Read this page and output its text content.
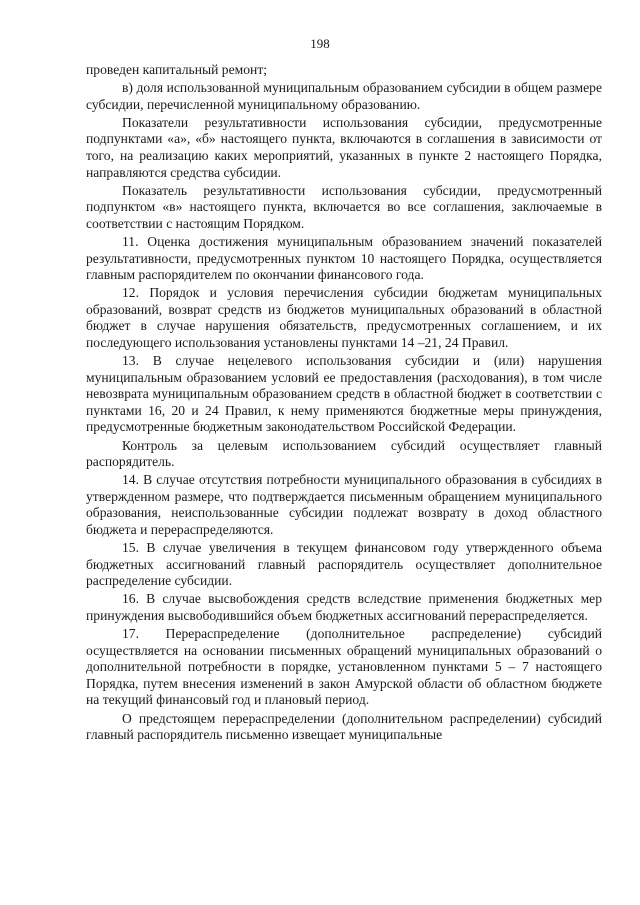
198

проведен капитальный ремонт;

в) доля использованной муниципальным образованием субсидии в общем размере субсидии, перечисленной муниципальному образованию.

Показатели результативности использования субсидии, предусмотренные подпунктами «а», «б» настоящего пункта, включаются в соглашения в зависимости от того, на реализацию каких мероприятий, указанных в пункте 2 настоящего Порядка, направляются средства субсидии.

Показатель результативности использования субсидии, предусмотренный подпунктом «в» настоящего пункта, включается во все соглашения, заключаемые в соответствии с настоящим Порядком.

11. Оценка достижения муниципальным образованием значений показателей результативности, предусмотренных пунктом 10 настоящего Порядка, осуществляется главным распорядителем по окончании финансового года.

12. Порядок и условия перечисления субсидии бюджетам муниципальных образований, возврат средств из бюджетов муниципальных образований в областной бюджет в случае нарушения обязательств, предусмотренных соглашением, и их последующего использования установлены пунктами 14 –21, 24 Правил.

13. В случае нецелевого использования субсидии и (или) нарушения муниципальным образованием условий ее предоставления (расходования), в том числе невозврата муниципальным образованием средств в областной бюджет в соответствии с пунктами 16, 20 и 24 Правил, к нему применяются бюджетные меры принуждения, предусмотренные бюджетным законодательством Российской Федерации.

Контроль за целевым использованием субсидий осуществляет главный распорядитель.

14. В случае отсутствия потребности муниципального образования в субсидиях в утвержденном размере, что подтверждается письменным обращением муниципального образования, неиспользованные субсидии подлежат возврату в доход областного бюджета и перераспределяются.

15. В случае увеличения в текущем финансовом году утвержденного объема бюджетных ассигнований главный распорядитель осуществляет дополнительное распределение субсидии.

16. В случае высвобождения средств вследствие применения бюджетных мер принуждения высвободившийся объем бюджетных ассигнований перераспределяется.

17. Перераспределение (дополнительное распределение) субсидий осуществляется на основании письменных обращений муниципальных образований о дополнительной потребности в порядке, установленном пунктами 5 – 7 настоящего Порядка, путем внесения изменений в закон Амурской области об областном бюджете на текущий финансовый год и плановый период.

О предстоящем перераспределении (дополнительном распределении) субсидий главный распорядитель письменно извещает муниципальные
